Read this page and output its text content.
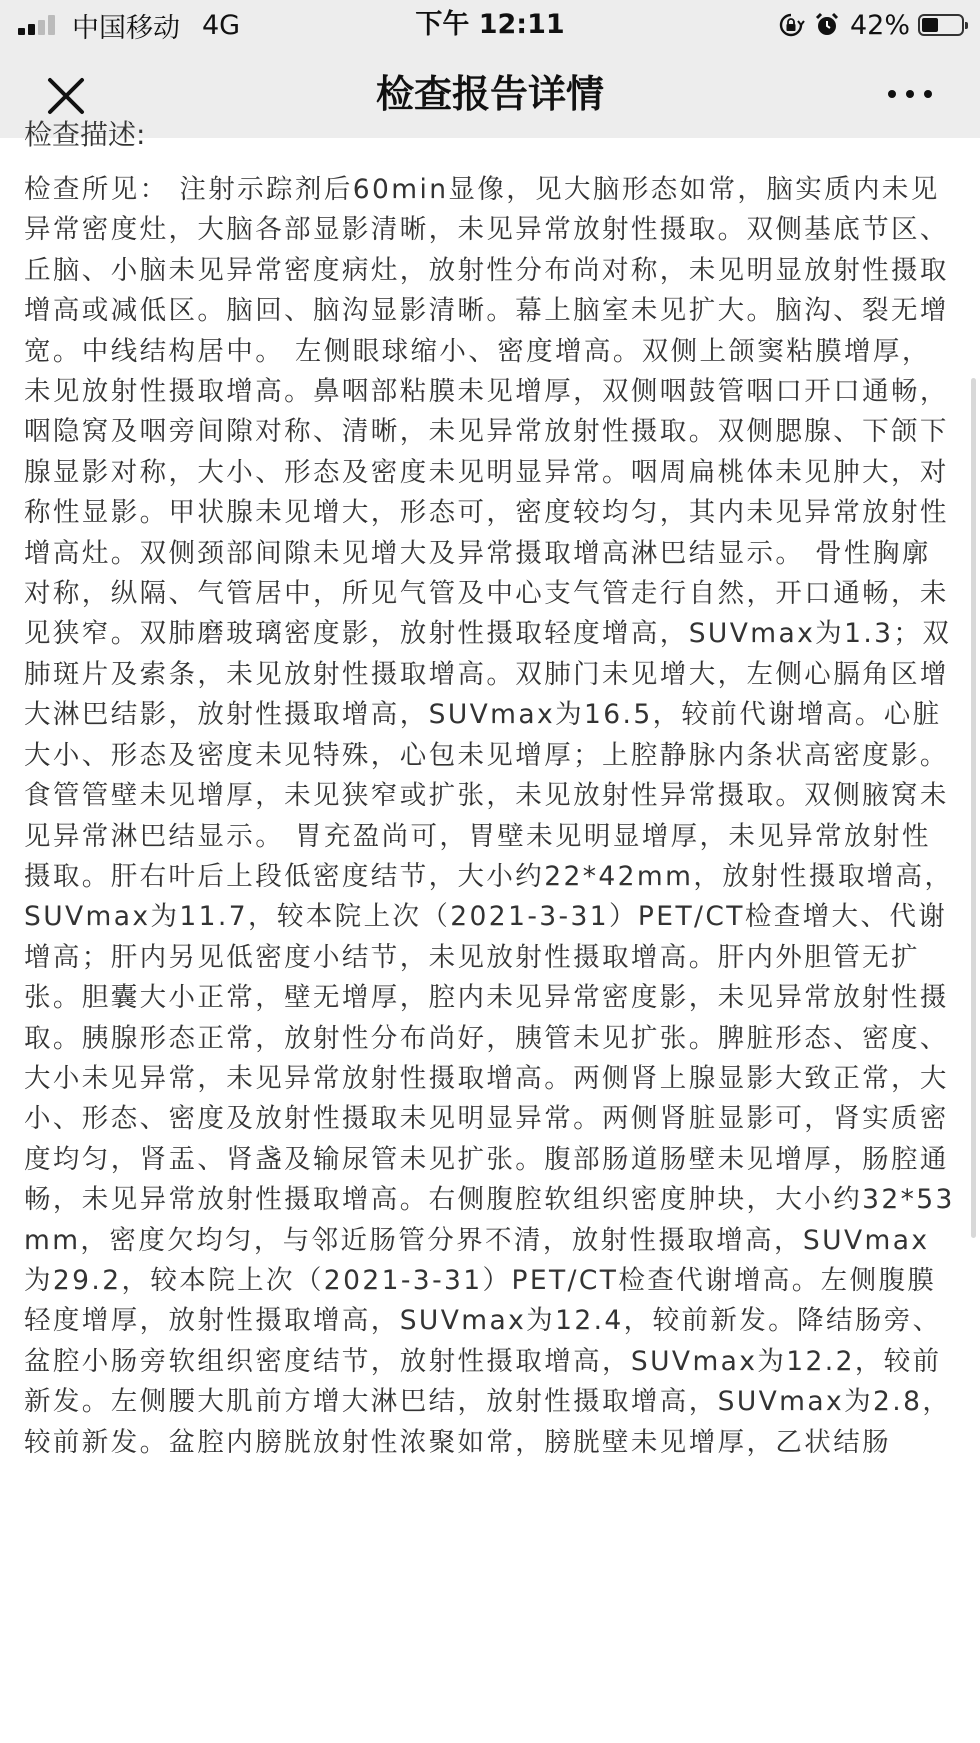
中国移动 4G	下午 12:11	42%
检查报告详情

检查描述:

检查所见： 注射示踪剂后60min显像，见大脑形态如常，脑实质内未见异常密度灶，大脑各部显影清晰，未见异常放射性摄取。双侧基底节区、丘脑、小脑未见异常密度病灶，放射性分布尚对称，未见明显放射性摄取增高或减低区。脑回、脑沟显影清晰。幕上脑室未见扩大。脑沟、裂无增宽。中线结构居中。 左侧眼球缩小、密度增高。双侧上颌窦粘膜增厚，未见放射性摄取增高。鼻咽部粘膜未见增厚，双侧咽鼓管咽口开口通畅，咽隐窝及咽旁间隙对称、清晰，未见异常放射性摄取。双侧腮腺、下颌下腺显影对称，大小、形态及密度未见明显异常。咽周扁桃体未见肿大，对称性显影。甲状腺未见增大，形态可，密度较均匀，其内未见异常放射性增高灶。双侧颈部间隙未见增大及异常摄取增高淋巴结显示。 骨性胸廓对称，纵隔、气管居中，所见气管及中心支气管走行自然，开口通畅，未见狭窄。双肺磨玻璃密度影，放射性摄取轻度增高，SUVmax为1.3；双肺斑片及索条，未见放射性摄取增高。双肺门未见增大，左侧心膈角区增大淋巴结影，放射性摄取增高，SUVmax为16.5，较前代谢增高。心脏大小、形态及密度未见特殊，心包未见增厚；上腔静脉内条状高密度影。食管管壁未见增厚，未见狭窄或扩张，未见放射性异常摄取。双侧腋窝未见异常淋巴结显示。 胃充盈尚可，胃壁未见明显增厚，未见异常放射性摄取。肝右叶后上段低密度结节，大小约22*42mm，放射性摄取增高，SUVmax为11.7，较本院上次（2021-3-31）PET/CT检查增大、代谢增高；肝内另见低密度小结节，未见放射性摄取增高。肝内外胆管无扩张。胆囊大小正常，壁无增厚，腔内未见异常密度影，未见异常放射性摄取。胰腺形态正常，放射性分布尚好，胰管未见扩张。脾脏形态、密度、大小未见异常，未见异常放射性摄取增高。两侧肾上腺显影大致正常，大小、形态、密度及放射性摄取未见明显异常。两侧肾脏显影可，肾实质密度均匀，肾盂、肾盏及输尿管未见扩张。腹部肠道肠壁未见增厚，肠腔通畅，未见异常放射性摄取增高。右侧腹腔软组织密度肿块，大小约32*53mm，密度欠均匀，与邻近肠管分界不清，放射性摄取增高，SUVmax为29.2，较本院上次（2021-3-31）PET/CT检查代谢增高。左侧腹膜轻度增厚，放射性摄取增高，SUVmax为12.4，较前新发。降结肠旁、盆腔小肠旁软组织密度结节，放射性摄取增高，SUVmax为12.2，较前新发。左侧腰大肌前方增大淋巴结，放射性摄取增高，SUVmax为2.8，较前新发。盆腔内膀胱放射性浓聚如常，膀胱壁未见增厚，乙状结肠
